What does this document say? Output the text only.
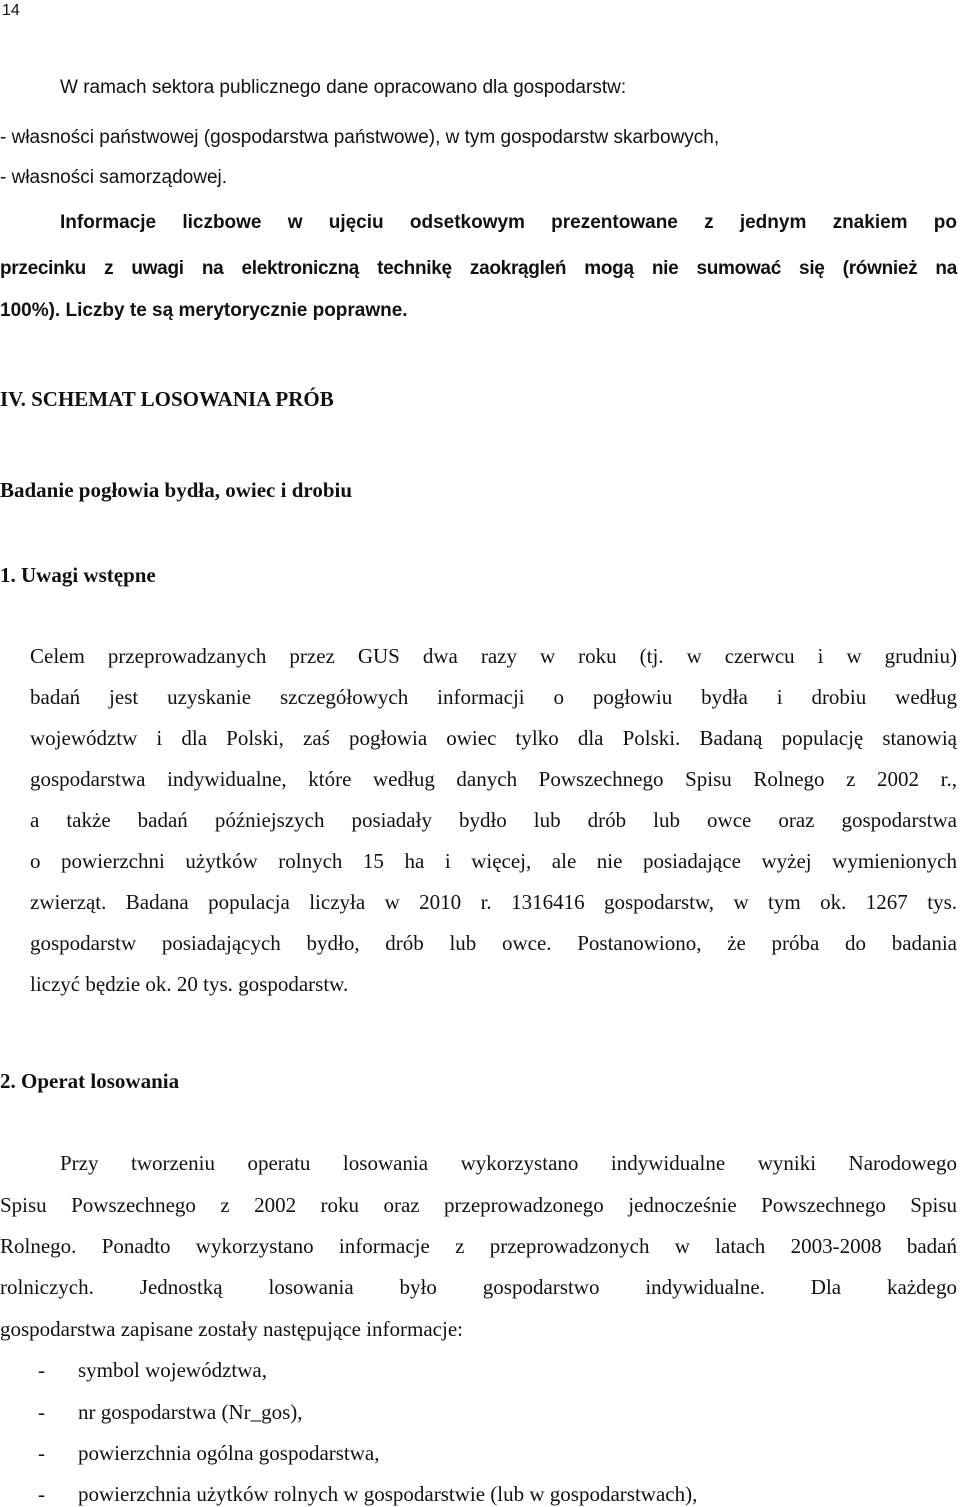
14
W ramach sektora publicznego dane opracowano dla gospodarstw:
- własności państwowej (gospodarstwa państwowe), w tym gospodarstw skarbowych,
- własności samorządowej.
Informacje liczbowe w ujęciu odsetkowym prezentowane z jednym znakiem po
przecinku z uwagi na elektroniczną technikę zaokrągleń mogą nie sumować się (również na
100%). Liczby te są merytorycznie poprawne.
IV. SCHEMAT LOSOWANIA PRÓB
Badanie pogłowia bydła, owiec i drobiu
1. Uwagi wstępne
Celem przeprowadzanych przez GUS dwa razy w roku (tj. w czerwcu i w grudniu)
badań jest uzyskanie szczegółowych informacji o pogłowiu bydła i drobiu według
województw i dla Polski, zaś pogłowia owiec tylko dla Polski. Badaną populację stanowią
gospodarstwa indywidualne, które według danych Powszechnego Spisu Rolnego z 2002 r.,
a także badań późniejszych posiadały bydło lub drób lub owce oraz gospodarstwa
o powierzchni użytków rolnych 15 ha i więcej, ale nie posiadające wyżej wymienionych
zwierząt. Badana populacja liczyła w 2010 r. 1316416 gospodarstw, w tym ok. 1267 tys.
gospodarstw posiadających bydło, drób lub owce. Postanowiono, że próba do badania
liczyć będzie ok. 20 tys. gospodarstw.
2. Operat losowania
Przy tworzeniu operatu losowania wykorzystano indywidualne wyniki Narodowego
Spisu Powszechnego z 2002 roku oraz przeprowadzonego jednocześnie Powszechnego Spisu
Rolnego. Ponadto wykorzystano informacje z przeprowadzonych w latach 2003-2008 badań
rolniczych. Jednostką losowania było gospodarstwo indywidualne. Dla każdego
gospodarstwa zapisane zostały następujące informacje:
- symbol województwa,
- nr gospodarstwa (Nr_gos),
- powierzchnia ogólna gospodarstwa,
- powierzchnia użytków rolnych w gospodarstwie (lub w gospodarstwach),
